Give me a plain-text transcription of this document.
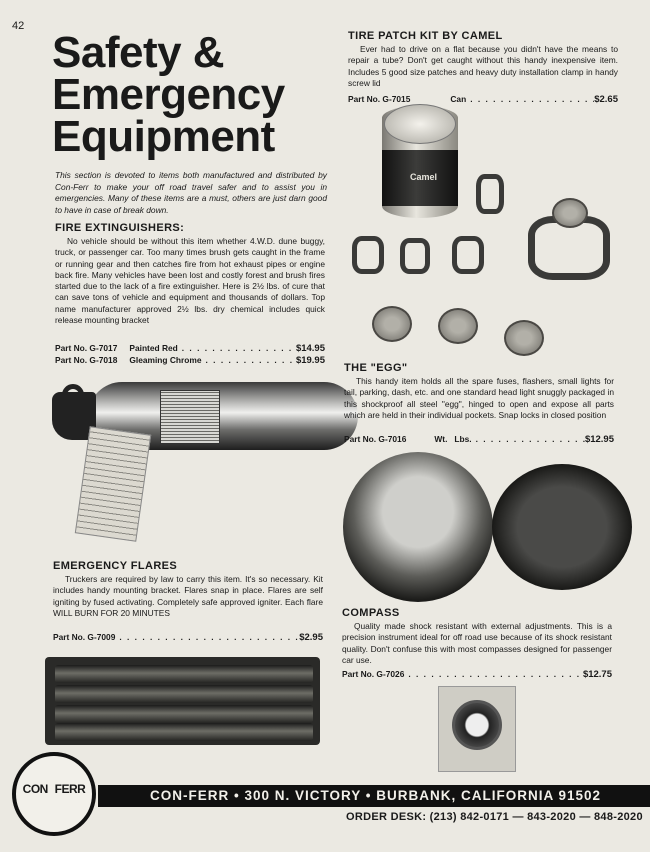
42
Safety &
Emergency
Equipment
This section is devoted to items both manufactured and distributed by Con-Ferr to make your off road travel safer and to assist you in emergencies. Many of these items are a must, others are just darn good to have in case of break down.
FIRE EXTINGUISHERS:
No vehicle should be without this item whether 4.W.D. dune buggy, truck, or passenger car. Too many times brush gets caught in the frame or running gear and then catches fire from hot exhaust pipes or engine back fire. Many vehicles have been lost and costly forest and brush fires started due to the lack of a fire extinguisher. Here is 2½ lbs. of cure that can save tons of vehicle and equipment and thousands of dollars. Top name manufacturer approved 2½ lbs. dry chemical includes quick release mounting bracket
Part No. G-7017	Painted Red . . .	$14.95
Part No. G-7018	Gleaming Chrome . . .	$19.95
EMERGENCY FLARES
Truckers are required by law to carry this item. It's so necessary. Kit includes handy mounting bracket. Flares snap in place. Flares are self igniting by fused activating. Completely safe approved igniter. Each flare WILL BURN FOR 20 MINUTES
Part No. G-7009 . . .	$2.95
TIRE PATCH KIT BY CAMEL
Ever had to drive on a flat because you didn't have the means to repair a tube? Don't get caught without this handy inexpensive item. Includes 5 good size patches and heavy duty installation clamp in handy screw lid
Part No. G-7015	Can . . .	$2.65
Camel
THE "EGG"
This handy item holds all the spare fuses, flashers, small lights for tail, parking, dash, etc. and one standard head light snuggly packaged in this shockproof all steel "egg", hinged to open and expose all parts which are held in their individual pockets. Snap locks in closed position
Part No. G-7016	Wt.   Lbs. . . .	$12.95
COMPASS
Quality made shock resistant with external adjustments. This is a precision instrument ideal for off road use because of its shock resistant quality. Don't confuse this with most compasses designed for passenger car use.
Part No. G-7026 . . .	$12.75
CON FERR	CON-FERR • 300 N. VICTORY • BURBANK, CALIFORNIA 91502
ORDER DESK: (213) 842-0171 — 843-2020 — 848-2020
